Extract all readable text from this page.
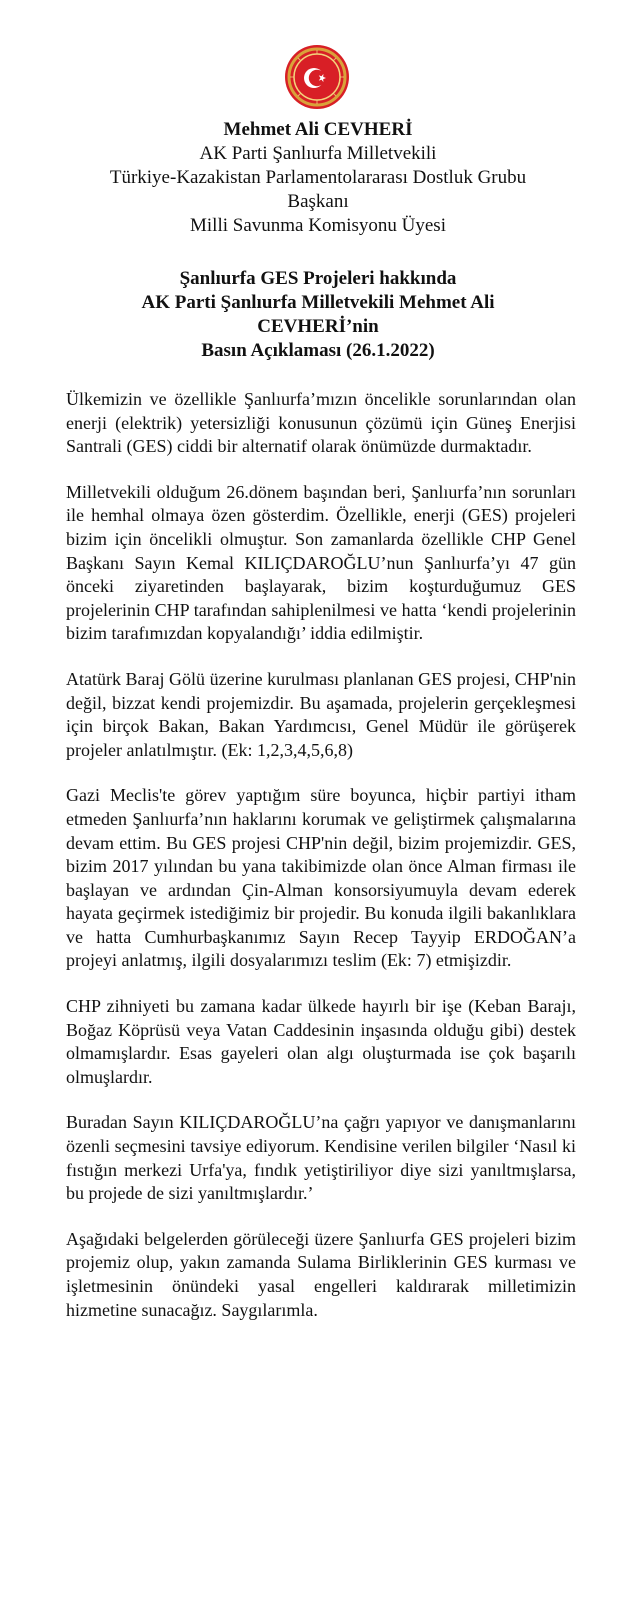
Mehmet Ali CEVHERİ
AK Parti Şanlıurfa Milletvekili
Türkiye-Kazakistan Parlamentolararası Dostluk Grubu
Başkanı
Milli Savunma Komisyonu Üyesi
Şanlıurfa GES Projeleri hakkında
AK Parti Şanlıurfa Milletvekili Mehmet Ali
CEVHERİ’nin
Basın Açıklaması (26.1.2022)

Ülkemizin ve özellikle Şanlıurfa’mızın öncelikle sorunlarından olan enerji (elektrik) yetersizliği konusunun çözümü için Güneş Enerjisi Santrali (GES) ciddi bir alternatif olarak önümüzde durmaktadır.

Milletvekili olduğum 26.dönem başından beri, Şanlıurfa’nın sorunları ile hemhal olmaya özen gösterdim. Özellikle, enerji (GES) projeleri bizim için öncelikli olmuştur. Son zamanlarda özellikle CHP Genel Başkanı Sayın Kemal KILIÇDAROĞLU’nun Şanlıurfa’yı 47 gün önceki ziyaretinden başlayarak, bizim koşturduğumuz GES projelerinin CHP tarafından sahiplenilmesi ve hatta ‘kendi projelerinin bizim tarafımızdan kopyalandığı’ iddia edilmiştir.

Atatürk Baraj Gölü üzerine kurulması planlanan GES projesi, CHP'nin değil, bizzat kendi projemizdir. Bu aşamada, projelerin gerçekleşmesi için birçok Bakan, Bakan Yardımcısı, Genel Müdür ile görüşerek projeler anlatılmıştır. (Ek: 1,2,3,4,5,6,8)

Gazi Meclis'te görev yaptığım süre boyunca, hiçbir partiyi itham etmeden Şanlıurfa’nın haklarını korumak ve geliştirmek çalışmalarına devam ettim. Bu GES projesi CHP'nin değil, bizim projemizdir. GES, bizim 2017 yılından bu yana takibimizde olan önce Alman firması ile başlayan ve ardından Çin-Alman konsorsiyumuyla devam ederek hayata geçirmek istediğimiz bir projedir. Bu konuda ilgili bakanlıklara ve hatta Cumhurbaşkanımız Sayın Recep Tayyip ERDOĞAN’a projeyi anlatmış, ilgili dosyalarımızı teslim (Ek: 7) etmişizdir.

CHP zihniyeti bu zamana kadar ülkede hayırlı bir işe (Keban Barajı, Boğaz Köprüsü veya Vatan Caddesinin inşasında olduğu gibi) destek olmamışlardır. Esas gayeleri olan algı oluşturmada ise çok başarılı olmuşlardır.

Buradan Sayın KILIÇDAROĞLU’na çağrı yapıyor ve danışmanlarını özenli seçmesini tavsiye ediyorum. Kendisine verilen bilgiler ‘Nasıl ki fıstığın merkezi Urfa'ya, fındık yetiştiriliyor diye sizi yanıltmışlarsa, bu projede de sizi yanıltmışlardır.’

Aşağıdaki belgelerden görüleceği üzere Şanlıurfa GES projeleri bizim projemiz olup, yakın zamanda Sulama Birliklerinin GES kurması ve işletmesinin önündeki yasal engelleri kaldırarak milletimizin hizmetine sunacağız. Saygılarımla.
